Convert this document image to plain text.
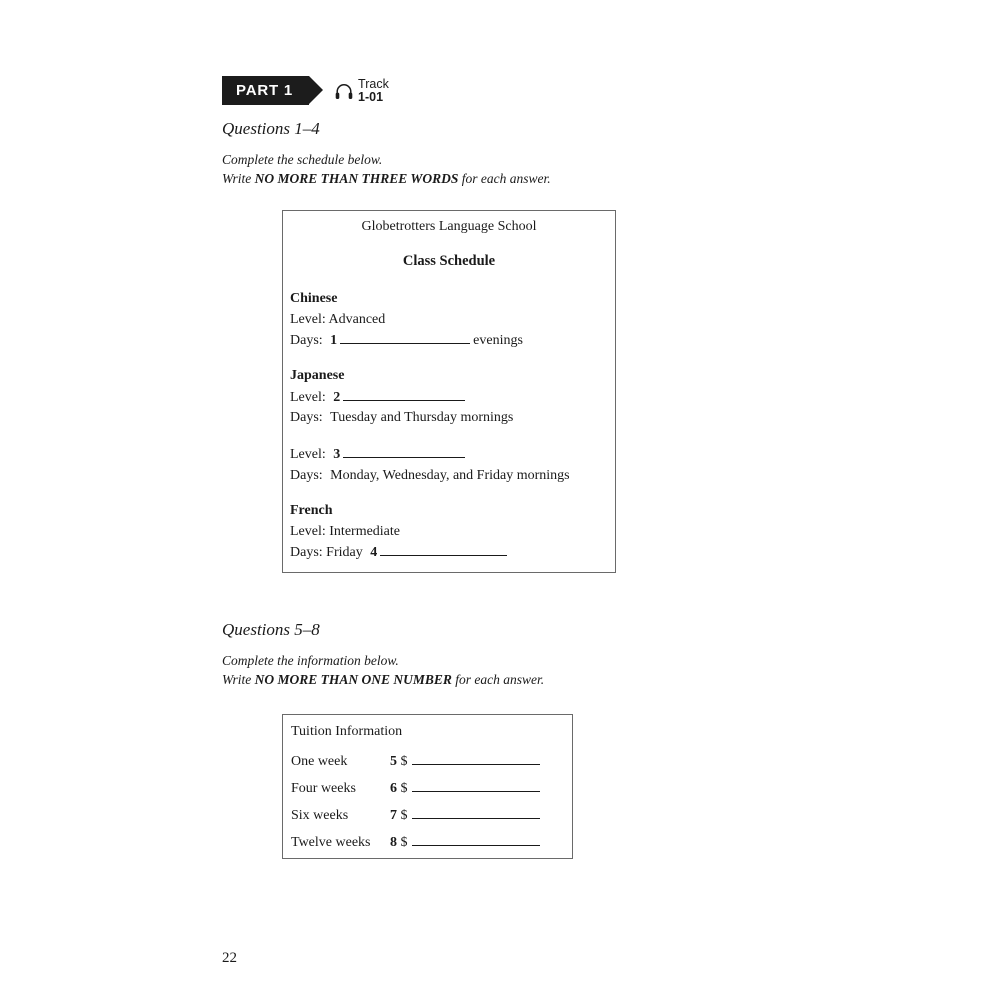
PART 1	Track
1-01
Questions 1–4
Complete the schedule below.
Write NO MORE THAN THREE WORDS for each answer.
Globetrotters Language School
Class Schedule
Chinese
Level: Advanced
Days: 1	evenings
Japanese
Level: 2
Days: Tuesday and Thursday mornings
Level: 3
Days: Monday, Wednesday, and Friday mornings
French
Level: Intermediate
Days: Friday 4
Questions 5–8
Complete the information below.
Write NO MORE THAN ONE NUMBER for each answer.
Tuition Information
One week	5 $
Four weeks 6 $
Six weeks	7 $
Twelve weeks 8 $
22
